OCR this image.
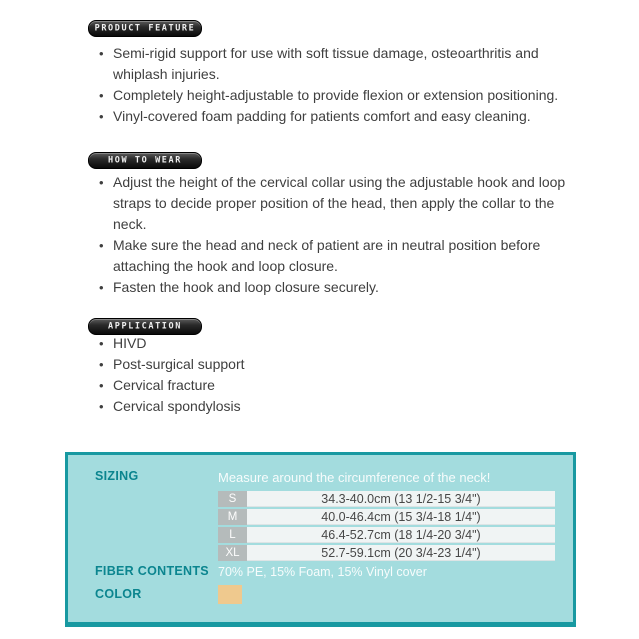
PRODUCT FEATURE
• Semi-rigid support for use with soft tissue damage, osteoarthritis and whiplash injuries.
• Completely height-adjustable to provide flexion or extension positioning.
• Vinyl-covered foam padding for patients comfort and easy cleaning.
HOW TO WEAR
• Adjust the height of the cervical collar using the adjustable hook and loop straps to decide proper position of the head, then apply the collar to the neck.
• Make sure the head and neck of patient are in neutral position before attaching the hook and loop closure.
• Fasten the hook and loop closure securely.
APPLICATION
• HIVD
• Post-surgical support
• Cervical fracture
• Cervical spondylosis
SIZING	Measure around the circumference of the neck!
S	34.3-40.0cm (13 1/2-15 3/4")
M	40.0-46.4cm (15 3/4-18 1/4")
L	46.4-52.7cm (18 1/4-20 3/4")
XL	52.7-59.1cm (20 3/4-23 1/4")
FIBER CONTENTS 70% PE, 15% Foam, 15% Vinyl cover
COLOR
